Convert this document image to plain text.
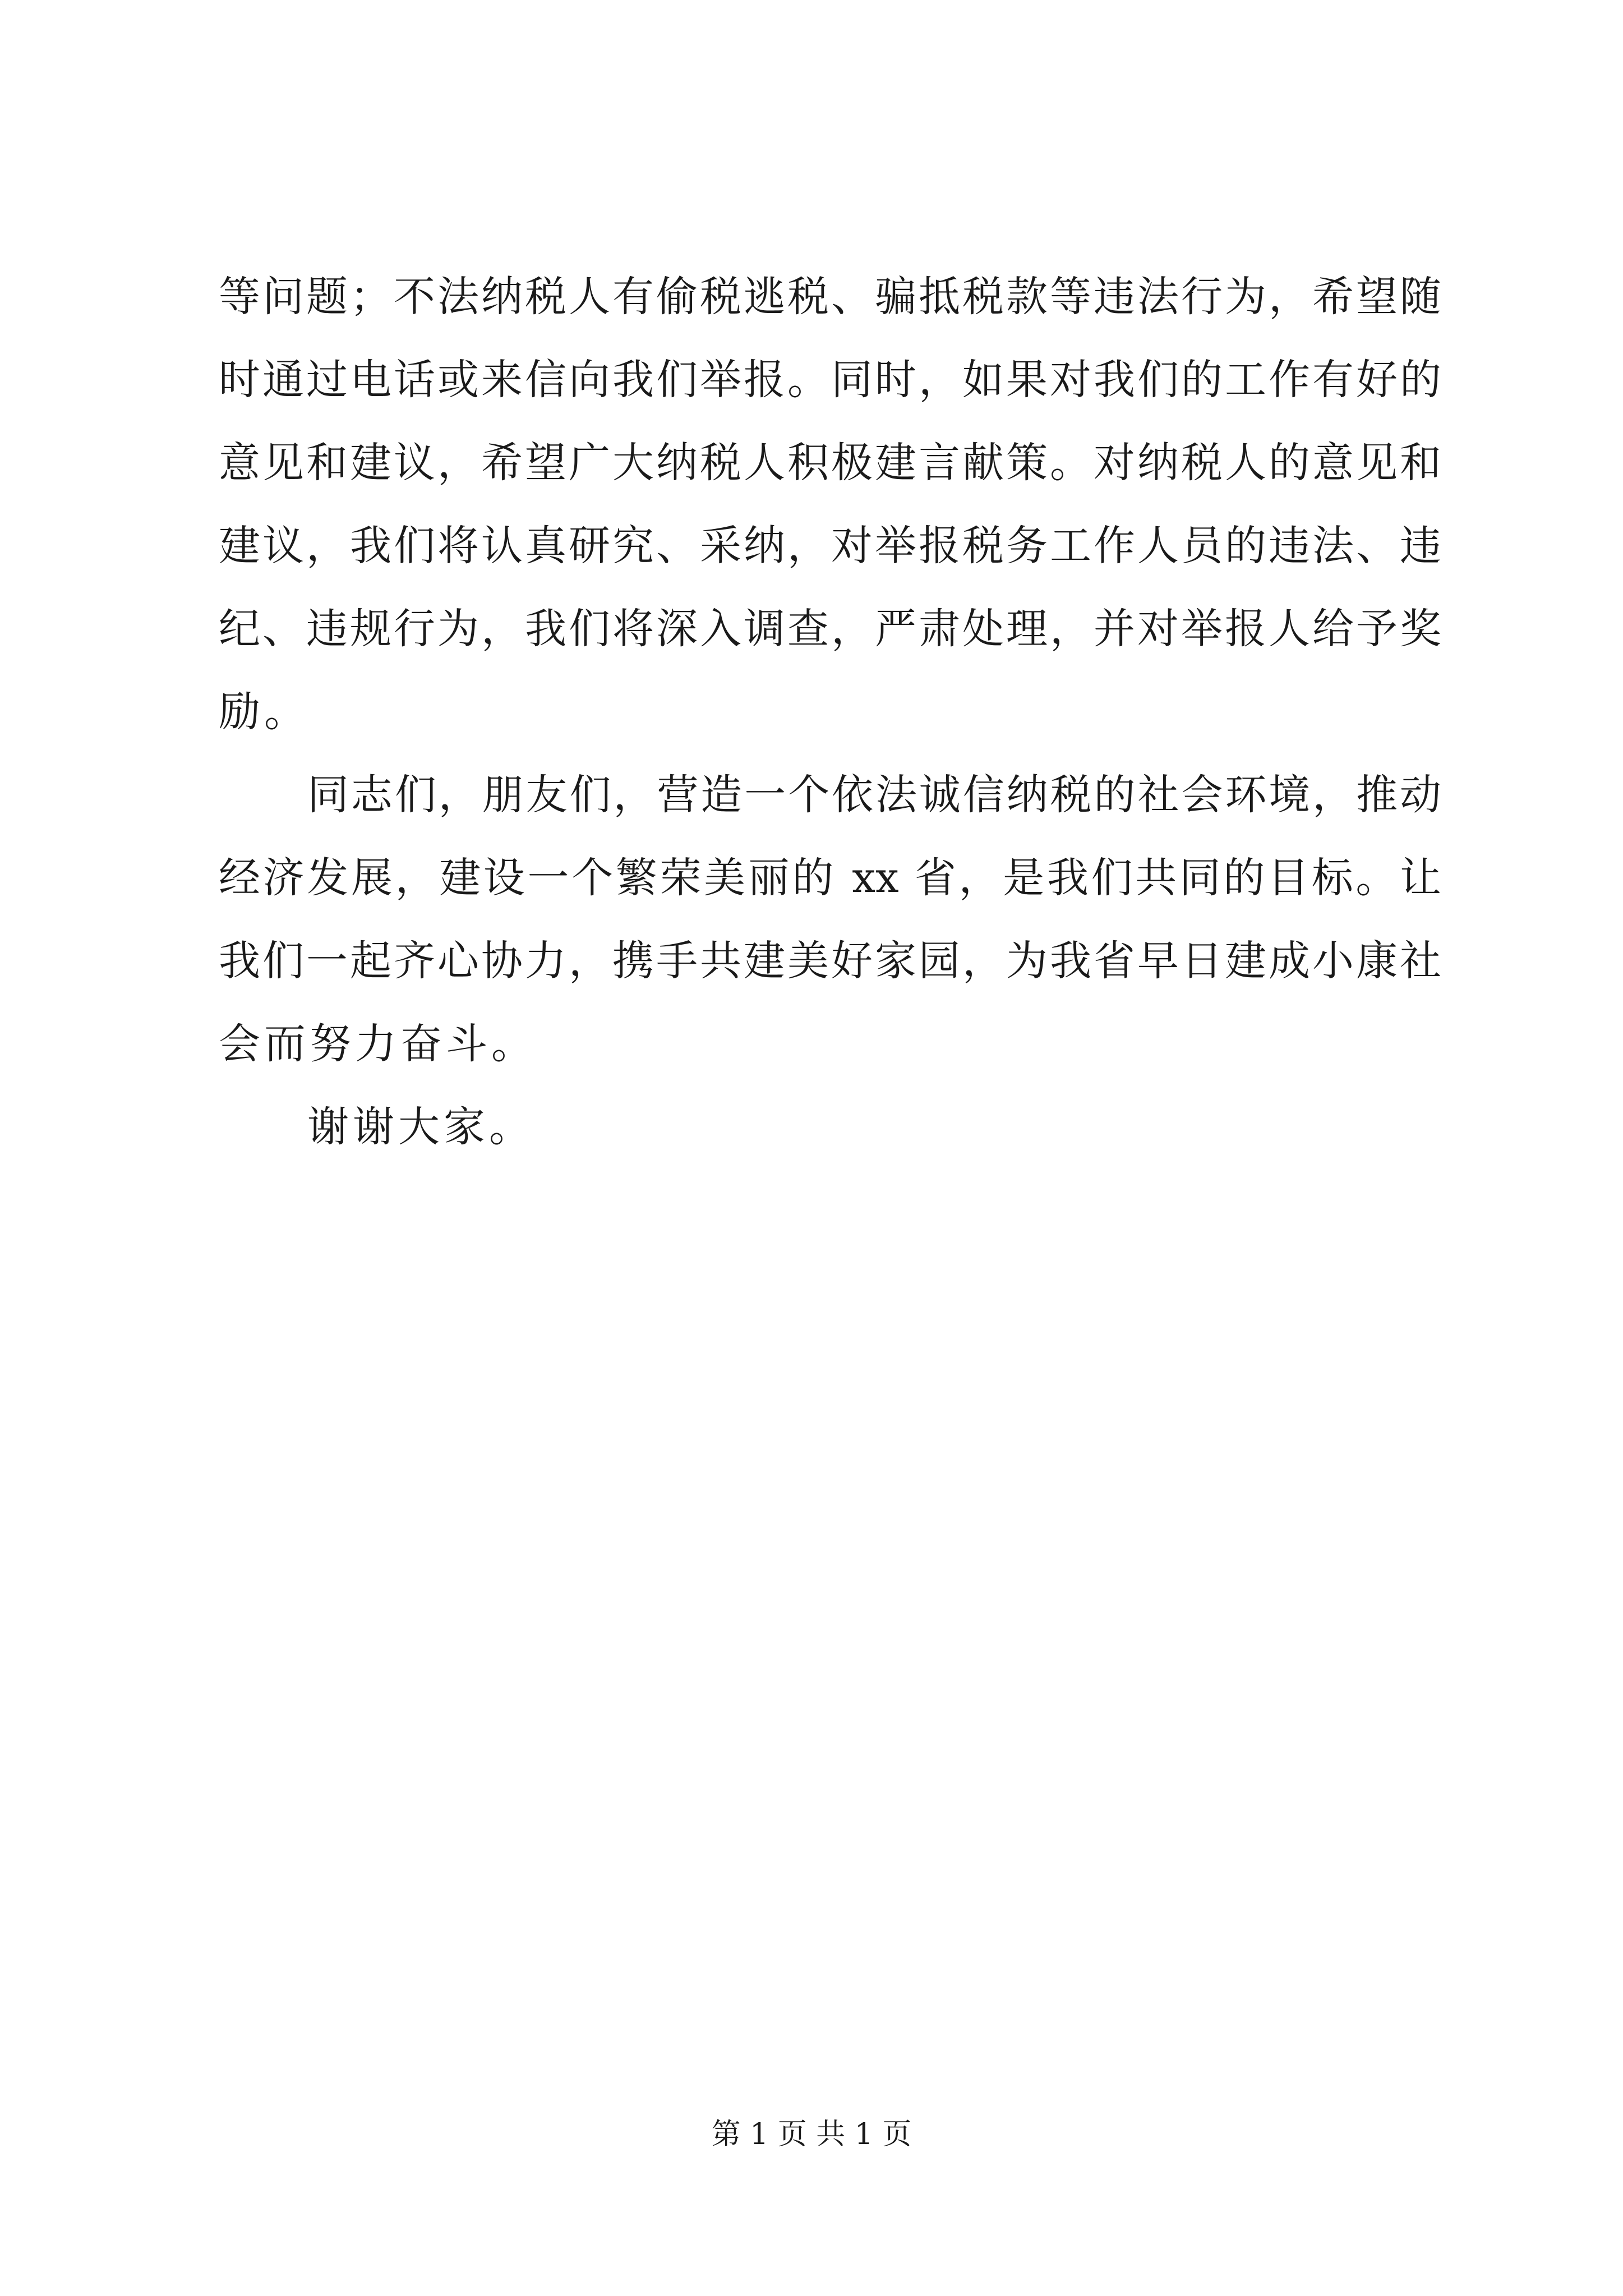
等问题；不法纳税人有偷税逃税、骗抵税款等违法行为，希望随
时通过电话或来信向我们举报。同时，如果对我们的工作有好的
意见和建议，希望广大纳税人积极建言献策。对纳税人的意见和
建议，我们将认真研究、采纳，对举报税务工作人员的违法、违
纪、违规行为，我们将深入调查，严肃处理，并对举报人给予奖
励。
同志们，朋友们，营造一个依法诚信纳税的社会环境，推动
经济发展，建设一个繁荣美丽的 xx 省，是我们共同的目标。让
我们一起齐心协力，携手共建美好家园，为我省早日建成小康社
会而努力奋斗。
谢谢大家。
第 1 页 共 1 页
